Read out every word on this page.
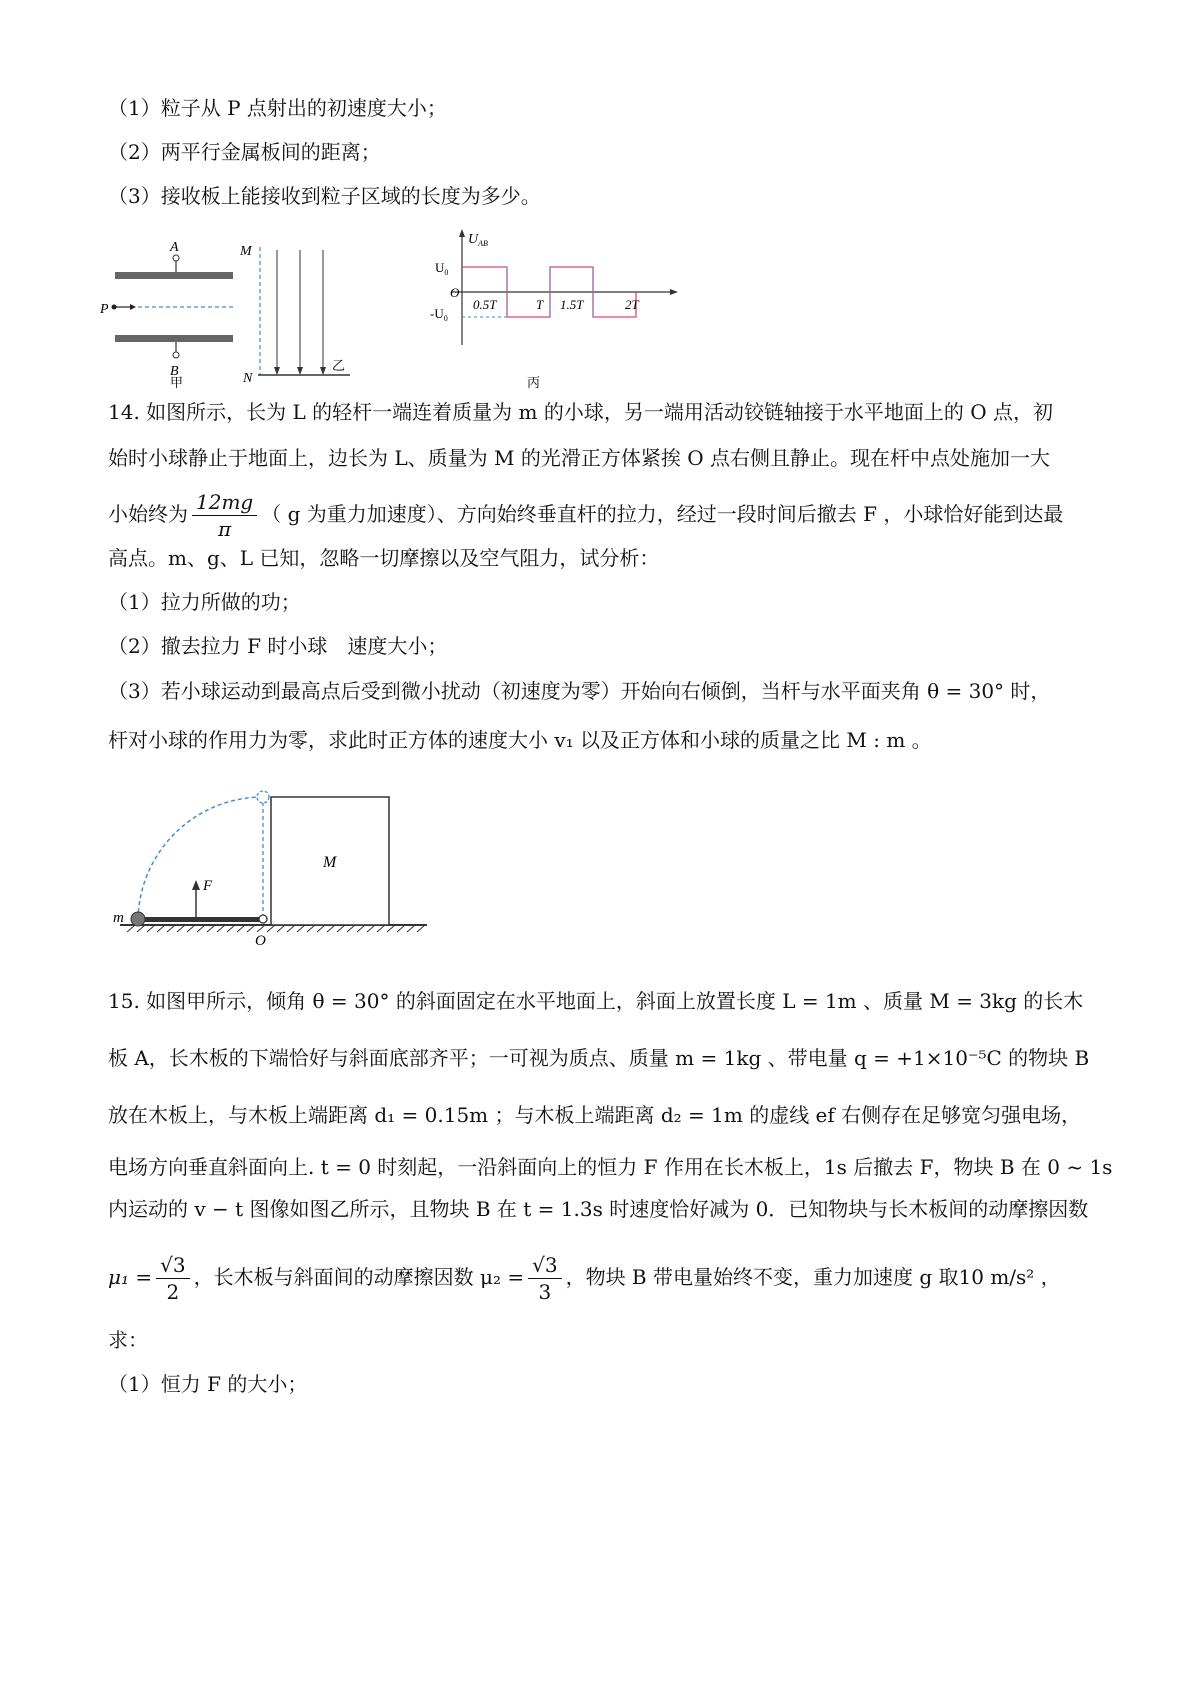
（1）粒子从 P 点射出的初速度大小；
（2）两平行金属板间的距离；
（3）接收板上能接收到粒子区域的长度为多少。
A
B
P
甲
M
N
乙
$U_{AB}$
$U_0$
$-U_0$
O
0.5T	T 1.5T	2T
丙
14. 如图所示，长为 L 的轻杆一端连着质量为 m 的小球，另一端用活动铰链轴接于水平地面上的 O 点，初
始时小球静止于地面上，边长为 L、质量为 M 的光滑正方体紧挨 O 点右侧且静止。现在杆中点处施加一大
小始终为 $\frac{12mg}{\pi}$ （ g 为重力加速度）、方向始终垂直杆的拉力，经过一段时间后撤去 F ，小球恰好能到达最
高点。m、g、L 已知，忽略一切摩擦以及空气阻力，试分析：
（1）拉力所做的功；
（2）撤去拉力 F 时小球　速度大小；
（3）若小球运动到最高点后受到微小扰动（初速度为零）开始向右倾倒，当杆与水平面夹角 θ = 30° 时，
杆对小球的作用力为零，求此时正方体的速度大小 v₁ 以及正方体和小球的质量之比 M : m 。
F
m
O
M
15. 如图甲所示，倾角 θ = 30° 的斜面固定在水平地面上，斜面上放置长度 L = 1m 、质量 M = 3kg 的长木
板 A，长木板的下端恰好与斜面底部齐平；一可视为质点、质量 m = 1kg 、带电量 q = +1×10⁻⁵C 的物块 B
放在木板上，与木板上端距离 d₁ = 0.15m ；与木板上端距离 d₂ = 1m 的虚线 ef 右侧存在足够宽匀强电场，
电场方向垂直斜面向上. t = 0 时刻起，一沿斜面向上的恒力 F 作用在长木板上，1s 后撤去 F，物块 B 在 0 ~ 1s
内运动的 v − t 图像如图乙所示，且物块 B 在 t = 1.3s 时速度恰好减为 0．已知物块与长木板间的动摩擦因数
$\mu_1 = \frac{√3}{2}$ ，长木板与斜面间的动摩擦因数 $\mu_2 = \frac{√3}{3}$ ，物块 B 带电量始终不变，重力加速度 g 取10 m/s² ，
求：
（1）恒力 F 的大小；
